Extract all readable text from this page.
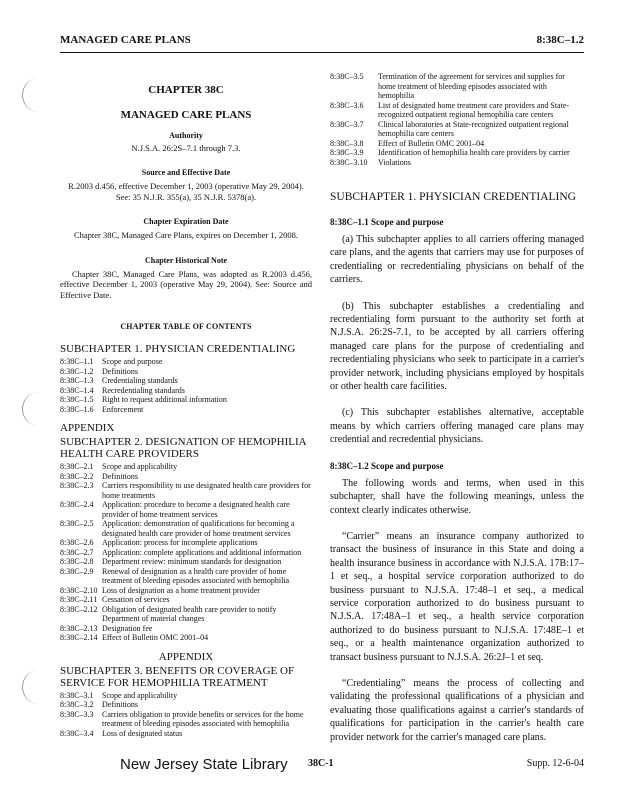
MANAGED CARE PLANS	8:38C–1.2
CHAPTER 38C
MANAGED CARE PLANS
Authority
N.J.S.A. 26:2S–7.1 through 7.3.
Source and Effective Date
R.2003 d.456, effective December 1, 2003 (operative May 29, 2004). See: 35 N.J.R. 355(a), 35 N.J.R. 5378(a).
Chapter Expiration Date
Chapter 38C, Managed Care Plans, expires on December 1, 2008.
Chapter Historical Note
Chapter 38C, Managed Care Plans, was adopted as R.2003 d.456, effective December 1, 2003 (operative May 29, 2004). See: Source and Effective Date.
CHAPTER TABLE OF CONTENTS
SUBCHAPTER 1. PHYSICIAN CREDENTIALING
8:38C–1.1	Scope and purpose
8:38C–1.2	Definitions
8:38C–1.3	Credentialing standards
8:38C–1.4	Recredentialing standards
8:38C–1.5	Right to request additional information
8:38C–1.6	Enforcement
APPENDIX
SUBCHAPTER 2. DESIGNATION OF HEMOPHILIA HEALTH CARE PROVIDERS
8:38C–2.1	Scope and applicability
8:38C–2.2	Definitions
8:38C–2.3	Carriers responsibility to use designated health care providers for home treatments
8:38C–2.4	Application: procedure to become a designated health care provider of home treatment services
8:38C–2.5	Application: demonstration of qualifications for becoming a designated health care provider of home treatment services
8:38C–2.6	Application: process for incomplete applications
8:38C–2.7	Application: complete applications and additional information
8:38C–2.8	Department review: minimum standards for designation
8:38C–2.9	Renewal of designation as a health care provider of home treatment of bleeding episodes associated with hemophilia
8:38C–2.10 Loss of designation as a home treatment provider
8:38C–2.11 Cessation of services
8:38C–2.12 Obligation of designated health care provider to notify Department of material changes
8:38C–2.13 Designation fee
8:38C–2.14 Effect of Bulletin OMC 2001–04
APPENDIX
SUBCHAPTER 3. BENEFITS OR COVERAGE OF SERVICE FOR HEMOPHILIA TREATMENT
8:38C–3.1	Scope and applicability
8:38C–3.2	Definitions
8:38C–3.3	Carriers obligation to provide benefits or services for the home treatment of bleeding episodes associated with hemophilia
8:38C–3.4	Loss of designated status
8:38C–3.5	Termination of the agreement for services and supplies for home treatment of bleeding episodes associated with hemophilia
8:38C–3.6	List of designated home treatment care providers and State-recognized outpatient regional hemophilia care centers
8:38C–3.7	Clinical laboratories at State-recognized outpatient regional hemophilia care centers
8:38C–3.8	Effect of Bulletin OMC 2001–04
8:38C–3.9	Identification of hemophilia health care providers by carrier
8:38C–3.10	Violations
SUBCHAPTER 1. PHYSICIAN CREDENTIALING
8:38C–1.1 Scope and purpose
(a) This subchapter applies to all carriers offering managed care plans, and the agents that carriers may use for purposes of credentialing or recredentialing physicians on behalf of the carriers.
(b) This subchapter establishes a credentialing and recredentialing form pursuant to the authority set forth at N.J.S.A. 26:2S-7.1, to be accepted by all carriers offering managed care plans for the purpose of credentialing and recredentialing physicians who seek to participate in a carrier's provider network, including physicians employed by hospitals or other health care facilities.
(c) This subchapter establishes alternative, acceptable means by which carriers offering managed care plans may credential and recredential physicians.
8:38C–1.2 Scope and purpose
The following words and terms, when used in this subchapter, shall have the following meanings, unless the context clearly indicates otherwise.
“Carrier” means an insurance company authorized to transact the business of insurance in this State and doing a health insurance business in accordance with N.J.S.A. 17B:17–1 et seq., a hospital service corporation authorized to do business pursuant to N.J.S.A. 17:48–1 et seq., a medical service corporation authorized to do business pursuant to N.J.S.A. 17:48A–1 et seq., a health service corporation authorized to do business pursuant to N.J.S.A. 17:48E–1 et seq., or a health maintenance organization authorized to transact business pursuant to N.J.S.A. 26:2J–1 et seq.
“Credentialing” means the process of collecting and validating the professional qualifications of a physician and evaluating those qualifications against a carrier's standards of qualifications for participation in the carrier's health care provider network for the carrier's managed care plans.
New Jersey State Library 38C-1	Supp. 12-6-04
